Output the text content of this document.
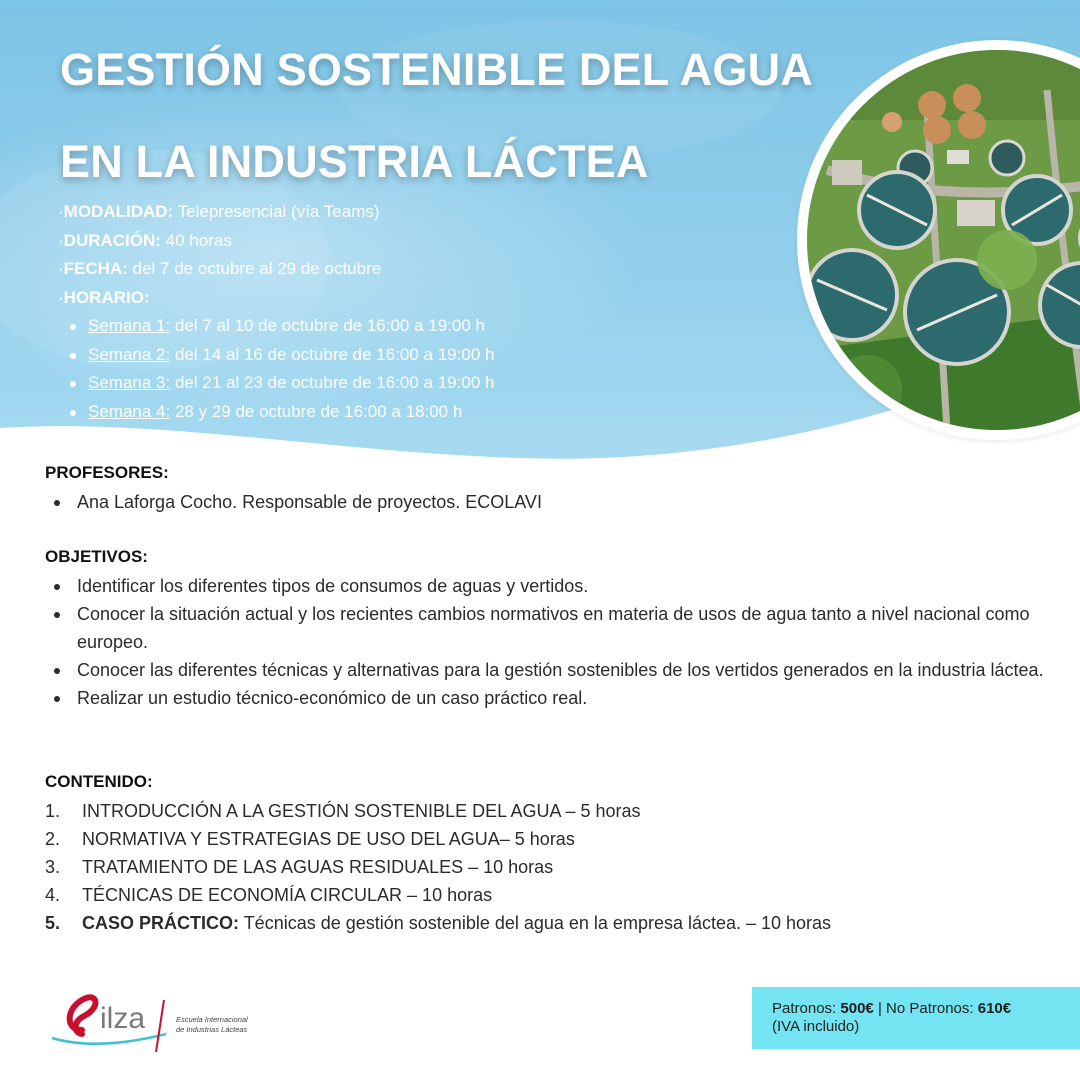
GESTIÓN SOSTENIBLE DEL AGUA
EN LA INDUSTRIA LÁCTEA
·MODALIDAD: Telepresencial (vía Teams)
·DURACIÓN: 40 horas
·FECHA: del 7 de octubre al 29 de octubre
·HORARIO:
Semana 1: del 7 al 10 de octubre de 16:00 a 19:00 h
Semana 2: del 14 al 16 de octubre de 16:00 a 19:00 h
Semana 3: del 21 al 23 de octubre de 16:00 a 19:00 h
Semana 4: 28 y 29 de octubre de 16:00 a 18:00 h
PROFESORES:
Ana Laforga Cocho. Responsable de proyectos. ECOLAVI
OBJETIVOS:
Identificar los diferentes tipos de consumos de aguas y vertidos.
Conocer la situación actual y los recientes cambios normativos en materia de usos de agua tanto a nivel nacional como europeo.
Conocer las diferentes técnicas y alternativas para la gestión sostenibles de los vertidos generados en la industria láctea.
Realizar un estudio técnico-económico de un caso práctico real.
CONTENIDO:
1. INTRODUCCIÓN A LA GESTIÓN SOSTENIBLE DEL AGUA – 5 horas
2. NORMATIVA Y ESTRATEGIAS DE USO DEL AGUA– 5 horas
3. TRATAMIENTO DE LAS AGUAS RESIDUALES – 10 horas
4. TÉCNICAS DE ECONOMÍA CIRCULAR – 10 horas
5. CASO PRÁCTICO: Técnicas de gestión sostenible del agua en la empresa láctea. – 10 horas
ilza	Escuela Internacional
de Industrias Lácteas
Patronos: 500€ | No Patronos: 610€
(IVA incluido)
